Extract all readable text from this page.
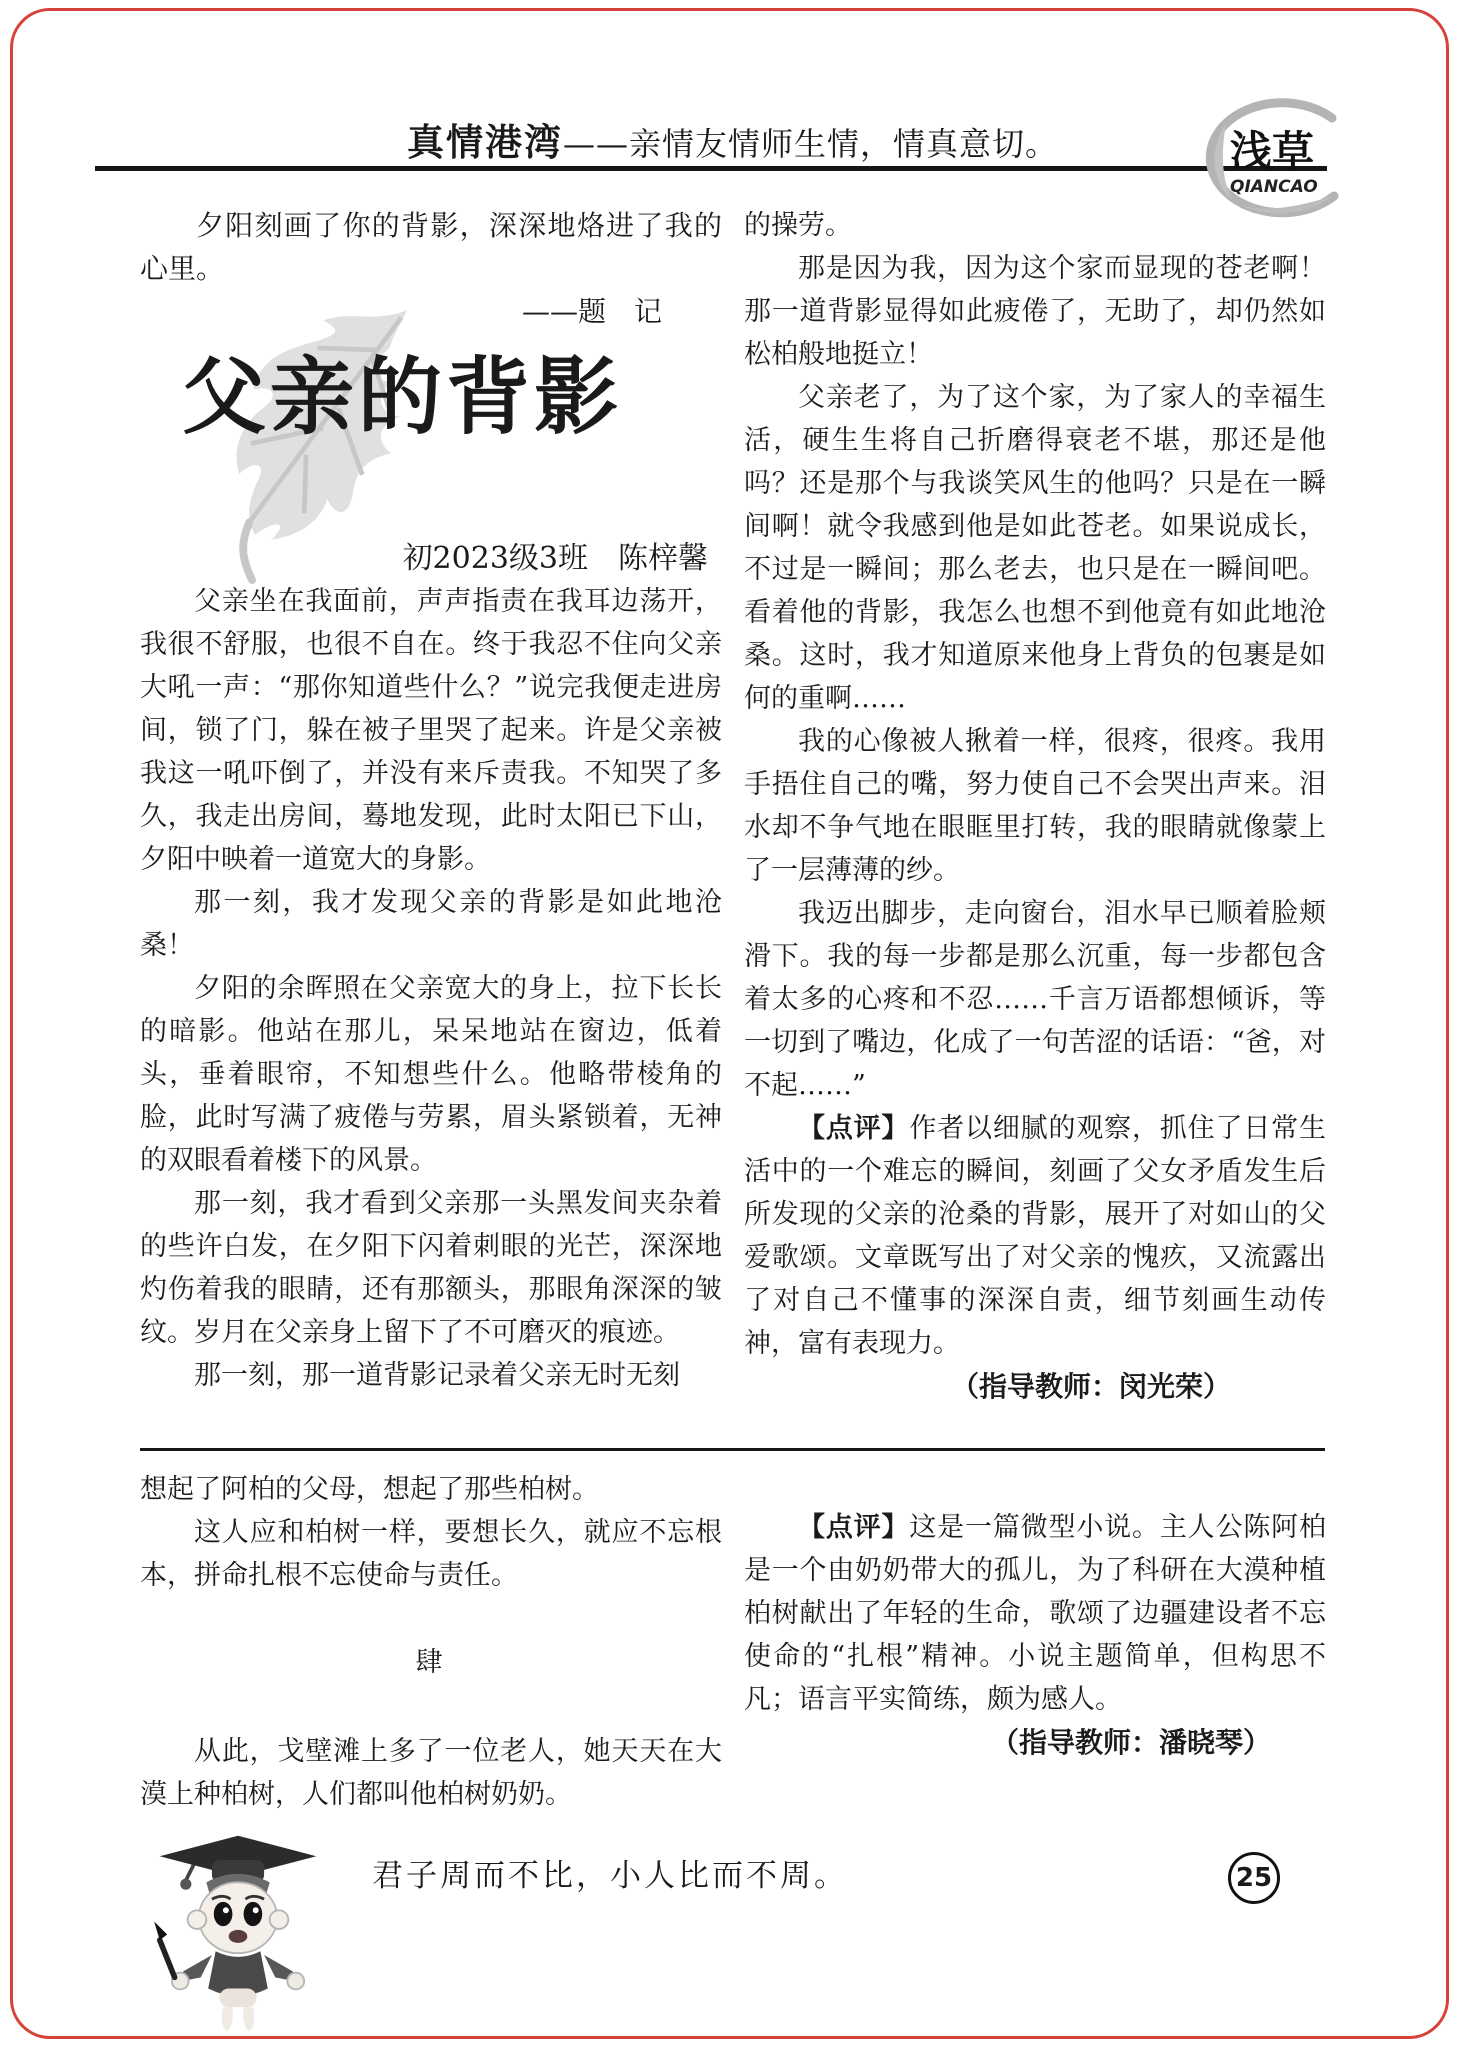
真情港湾——亲情友情师生情，情真意切。	浅草
QIANCAO

夕阳刻画了你的背影，深深地烙进了我的心里。

——题　记

父亲的背影

初2023级3班　陈梓馨

父亲坐在我面前，声声指责在我耳边荡开，我很不舒服，也很不自在。终于我忍不住向父亲大吼一声：“那你知道些什么？”说完我便走进房间，锁了门，躲在被子里哭了起来。许是父亲被我这一吼吓倒了，并没有来斥责我。不知哭了多久，我走出房间，蓦地发现，此时太阳已下山，夕阳中映着一道宽大的身影。

那一刻，我才发现父亲的背影是如此地沧桑！

夕阳的余晖照在父亲宽大的身上，拉下长长的暗影。他站在那儿，呆呆地站在窗边，低着头，垂着眼帘，不知想些什么。他略带棱角的脸，此时写满了疲倦与劳累，眉头紧锁着，无神的双眼看着楼下的风景。

那一刻，我才看到父亲那一头黑发间夹杂着的些许白发，在夕阳下闪着刺眼的光芒，深深地灼伤着我的眼睛，还有那额头，那眼角深深的皱纹。岁月在父亲身上留下了不可磨灭的痕迹。

那一刻，那一道背影记录着父亲无时无刻

的操劳。

那是因为我，因为这个家而显现的苍老啊！那一道背影显得如此疲倦了，无助了，却仍然如松柏般地挺立！

父亲老了，为了这个家，为了家人的幸福生活，硬生生将自己折磨得衰老不堪，那还是他吗？还是那个与我谈笑风生的他吗？只是在一瞬间啊！就令我感到他是如此苍老。如果说成长，不过是一瞬间；那么老去，也只是在一瞬间吧。看着他的背影，我怎么也想不到他竟有如此地沧桑。这时，我才知道原来他身上背负的包裹是如何的重啊……

我的心像被人揪着一样，很疼，很疼。我用手捂住自己的嘴，努力使自己不会哭出声来。泪水却不争气地在眼眶里打转，我的眼睛就像蒙上了一层薄薄的纱。

我迈出脚步，走向窗台，泪水早已顺着脸颊滑下。我的每一步都是那么沉重，每一步都包含着太多的心疼和不忍……千言万语都想倾诉，等一切到了嘴边，化成了一句苦涩的话语：“爸，对不起……”

【点评】作者以细腻的观察，抓住了日常生活中的一个难忘的瞬间，刻画了父女矛盾发生后所发现的父亲的沧桑的背影，展开了对如山的父爱歌颂。文章既写出了对父亲的愧疚，又流露出了对自己不懂事的深深自责，细节刻画生动传神，富有表现力。

（指导教师：闵光荣）

想起了阿柏的父母，想起了那些柏树。

这人应和柏树一样，要想长久，就应不忘根本，拼命扎根不忘使命与责任。

肆

从此，戈壁滩上多了一位老人，她天天在大漠上种柏树，人们都叫他柏树奶奶。

【点评】这是一篇微型小说。主人公陈阿柏是一个由奶奶带大的孤儿，为了科研在大漠种植柏树献出了年轻的生命，歌颂了边疆建设者不忘使命的“扎根”精神。小说主题简单，但构思不凡；语言平实简练，颇为感人。

（指导教师：潘晓琴）

君子周而不比，小人比而不周。	25
